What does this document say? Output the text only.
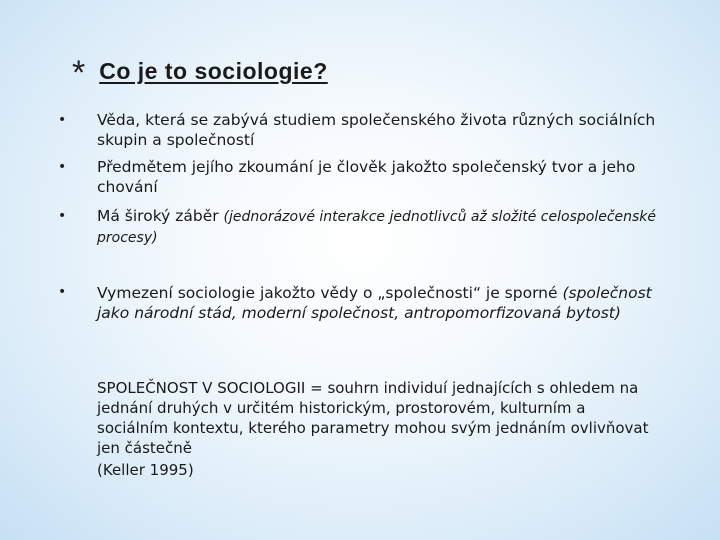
* Co je to sociologie?
• Věda, která se zabývá studiem společenského života různých sociálních skupin a společností
• Předmětem jejího zkoumání je člověk jakožto společenský tvor a jeho chování
• Má široký záběr (jednorázové interakce jednotlivců až složité celospolečenské procesy)
• Vymezení sociologie jakožto vědy o „společnosti“ je sporné (společnost jako národní stád, moderní společnost, antropomorfizovaná bytost)
SPOLEČNOST V SOCIOLOGII = souhrn individuí jednajících s ohledem na jednání druhých v určitém historickým, prostorovém, kulturním a sociálním kontextu, kterého parametry mohou svým jednáním ovlivňovat jen částečně
(Keller 1995)
